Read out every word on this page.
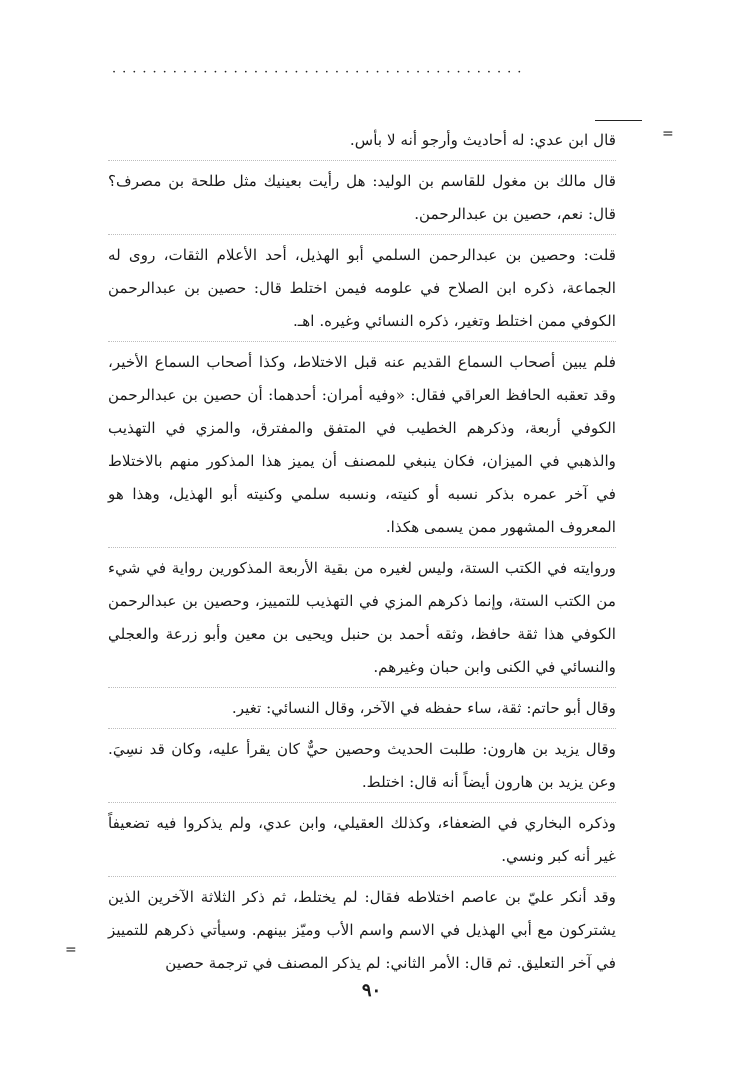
·········································
=

قال ابن عدي: له أحاديث وأرجو أنه لا بأس.

قال مالك بن مغول للقاسم بن الوليد: هل رأيت بعينيك مثل طلحة بن مصرف؟ قال: نعم، حصين بن عبدالرحمن.

قلت: وحصين بن عبدالرحمن السلمي أبو الهذيل، أحد الأعلام الثقات، روى له الجماعة، ذكره ابن الصلاح في علومه فيمن اختلط قال: حصين بن عبدالرحمن الكوفي ممن اختلط وتغير، ذكره النسائي وغيره. اهـ.

فلم يبين أصحاب السماع القديم عنه قبل الاختلاط، وكذا أصحاب السماع الأخير، وقد تعقبه الحافظ العراقي فقال: «وفيه أمران: أحدهما: أن حصين بن عبدالرحمن الكوفي أربعة، وذكرهم الخطيب في المتفق والمفترق، والمزي في التهذيب والذهبي في الميزان، فكان ينبغي للمصنف أن يميز هذا المذكور منهم بالاختلاط في آخر عمره بذكر نسبه أو كنيته، ونسبه سلمي وكنيته أبو الهذيل، وهذا هو المعروف المشهور ممن يسمى هكذا.

وروايته في الكتب الستة، وليس لغيره من بقية الأربعة المذكورين رواية في شيء من الكتب الستة، وإنما ذكرهم المزي في التهذيب للتمييز، وحصين بن عبدالرحمن الكوفي هذا ثقة حافظ، وثقه أحمد بن حنبل ويحيى بن معين وأبو زرعة والعجلي والنسائي في الكنى وابن حبان وغيرهم.

وقال أبو حاتم: ثقة، ساء حفظه في الآخر، وقال النسائي: تغير.

وقال يزيد بن هارون: طلبت الحديث وحصين حيٌّ كان يقرأ عليه، وكان قد نسِيَ. وعن يزيد بن هارون أيضاً أنه قال: اختلط.

وذكره البخاري في الضعفاء، وكذلك العقيلي، وابن عدي، ولم يذكروا فيه تضعيفاً غير أنه كبر ونسي.

وقد أنكر عليّ بن عاصم اختلاطه فقال: لم يختلط، ثم ذكر الثلاثة الآخرين الذين يشتركون مع أبي الهذيل في الاسم واسم الأب وميّز بينهم. وسيأتي ذكرهم للتمييز في آخر التعليق. ثم قال: الأمر الثاني: لم يذكر المصنف في ترجمة حصين

=
٩٠
